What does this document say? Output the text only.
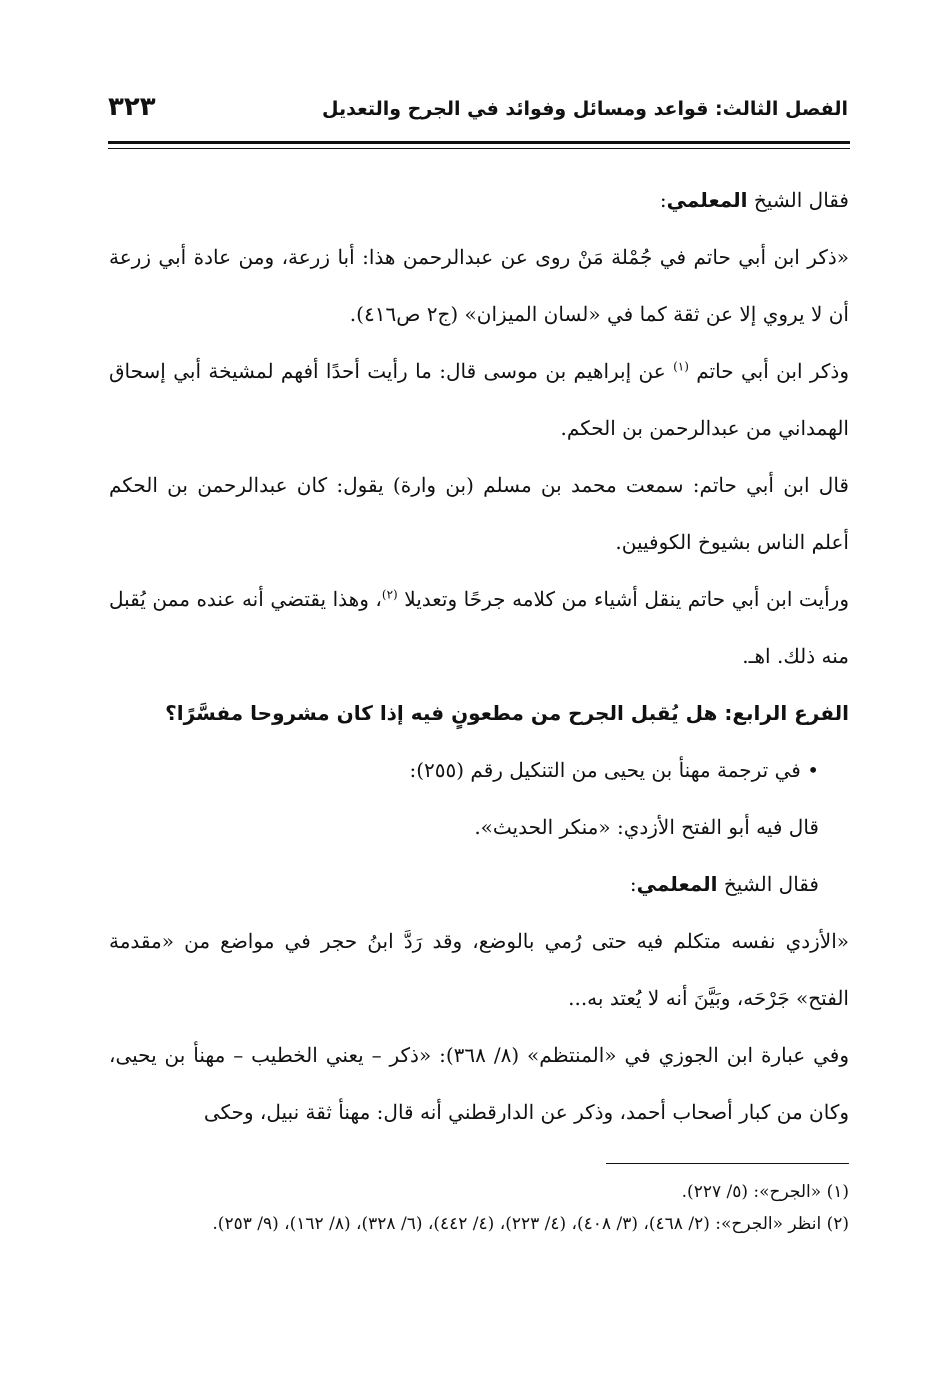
الفصل الثالث: قواعد ومسائل وفوائد في الجرح والتعديل
٣٢٣

فقال الشيخ المعلمي:

«ذكر ابن أبي حاتم في جُمْلة مَنْ روى عن عبدالرحمن هذا: أبا زرعة، ومن عادة أبي زرعة أن لا يروي إلا عن ثقة كما في «لسان الميزان» (ج٢ ص٤١٦).

وذكر ابن أبي حاتم $^{(١)}$ عن إبراهيم بن موسى قال: ما رأيت أحدًا أفهم لمشيخة أبي إسحاق الهمداني من عبدالرحمن بن الحكم.

قال ابن أبي حاتم: سمعت محمد بن مسلم (بن وارة) يقول: كان عبدالرحمن بن الحكم أعلم الناس بشيوخ الكوفيين.

ورأيت ابن أبي حاتم ينقل أشياء من كلامه جرحًا وتعديلا $^{(٢)}$، وهذا يقتضي أنه عنده ممن يُقبل منه ذلك. اهـ.

الفرع الرابع: هل يُقبل الجرح من مطعونٍ فيه إذا كان مشروحا مفسَّرًا؟

• في ترجمة مهنأ بن يحيى من التنكيل رقم (٢٥٥):

قال فيه أبو الفتح الأزدي: «منكر الحديث».

فقال الشيخ المعلمي:

«الأزدي نفسه متكلم فيه حتى رُمي بالوضع، وقد رَدَّ ابنُ حجر في مواضع من «مقدمة الفتح» جَرْحَه، وبَيَّنَ أنه لا يُعتد به...

وفي عبارة ابن الجوزي في «المنتظم» (٨/ ٣٦٨): «ذكر – يعني الخطيب – مهنأ بن يحيى، وكان من كبار أصحاب أحمد، وذكر عن الدارقطني أنه قال: مهنأ ثقة نبيل، وحكى

(١) «الجرح»: (٥/ ٢٢٧).

(٢) انظر «الجرح»: (٢/ ٤٦٨)، (٣/ ٤٠٨)، (٤/ ٢٢٣)، (٤/ ٤٤٢)، (٦/ ٣٢٨)، (٨/ ١٦٢)، (٩/ ٢٥٣).
